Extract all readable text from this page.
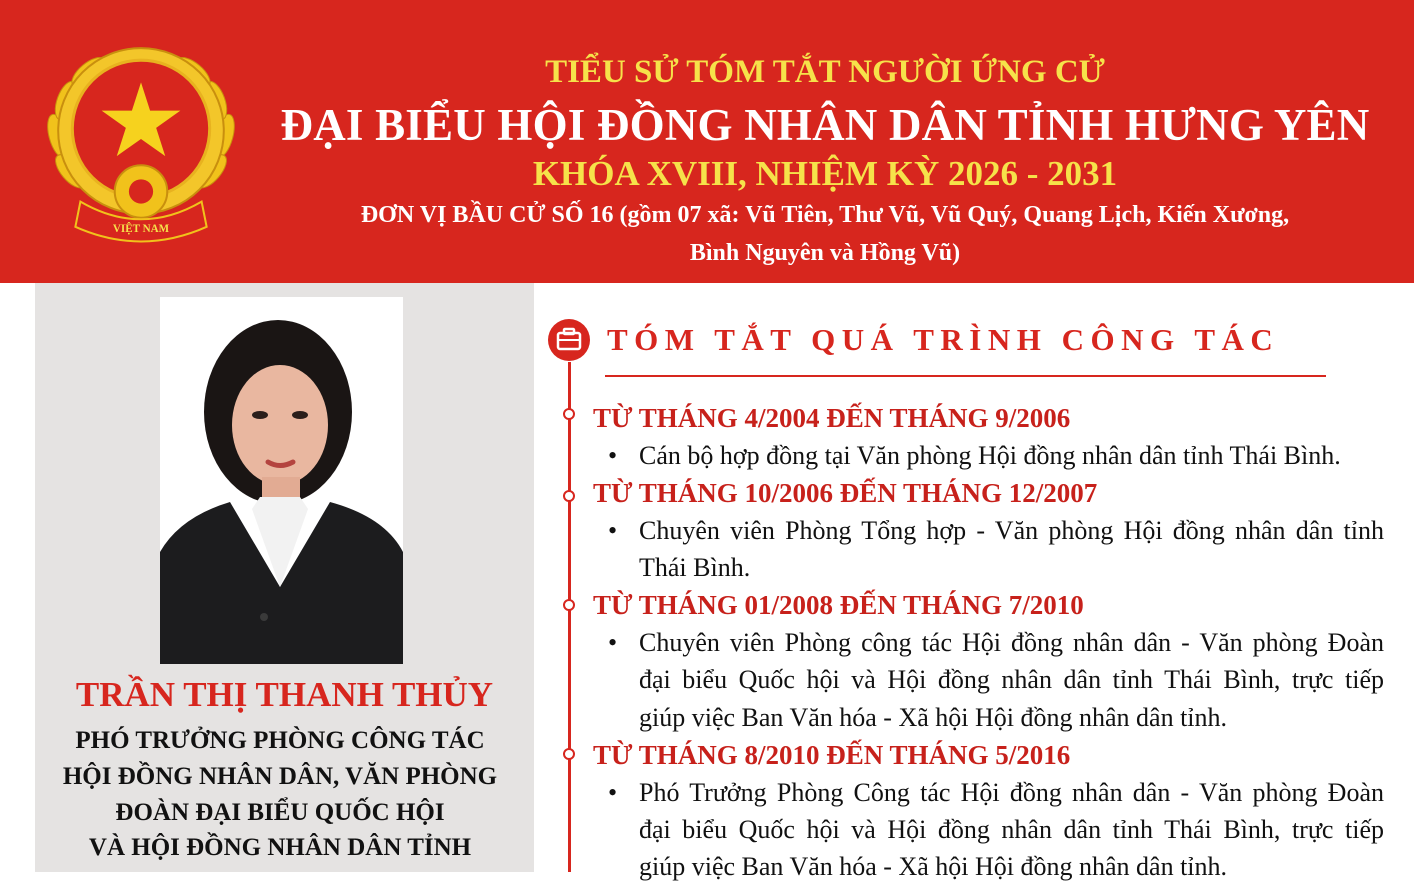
VIỆT NAM
TIỂU SỬ TÓM TẮT NGƯỜI ỨNG CỬ
ĐẠI BIỂU HỘI ĐỒNG NHÂN DÂN TỈNH HƯNG YÊN
KHÓA XVIII, NHIỆM KỲ 2026 - 2031
ĐƠN VỊ BẦU CỬ SỐ 16 (gồm 07 xã: Vũ Tiên, Thư Vũ, Vũ Quý, Quang Lịch, Kiến Xương,
Bình Nguyên và Hồng Vũ)
TRẦN THỊ THANH THỦY
PHÓ TRƯỞNG PHÒNG CÔNG TÁC
HỘI ĐỒNG NHÂN DÂN, VĂN PHÒNG
ĐOÀN ĐẠI BIỂU QUỐC HỘI
VÀ HỘI ĐỒNG NHÂN DÂN TỈNH
TÓM TẮT QUÁ TRÌNH CÔNG TÁC
TỪ THÁNG 4/2004 ĐẾN THÁNG 9/2006
• Cán bộ hợp đồng tại Văn phòng Hội đồng nhân dân tỉnh Thái Bình.
TỪ THÁNG 10/2006 ĐẾN THÁNG 12/2007
• Chuyên viên Phòng Tổng hợp - Văn phòng Hội đồng nhân dân tỉnh
Thái Bình.
TỪ THÁNG 01/2008 ĐẾN THÁNG 7/2010
• Chuyên viên Phòng công tác Hội đồng nhân dân - Văn phòng Đoàn
đại biểu Quốc hội và Hội đồng nhân dân tỉnh Thái Bình, trực tiếp
giúp việc Ban Văn hóa - Xã hội Hội đồng nhân dân tỉnh.
TỪ THÁNG 8/2010 ĐẾN THÁNG 5/2016
• Phó Trưởng Phòng Công tác Hội đồng nhân dân - Văn phòng Đoàn
đại biểu Quốc hội và Hội đồng nhân dân tỉnh Thái Bình, trực tiếp
giúp việc Ban Văn hóa - Xã hội Hội đồng nhân dân tỉnh.
